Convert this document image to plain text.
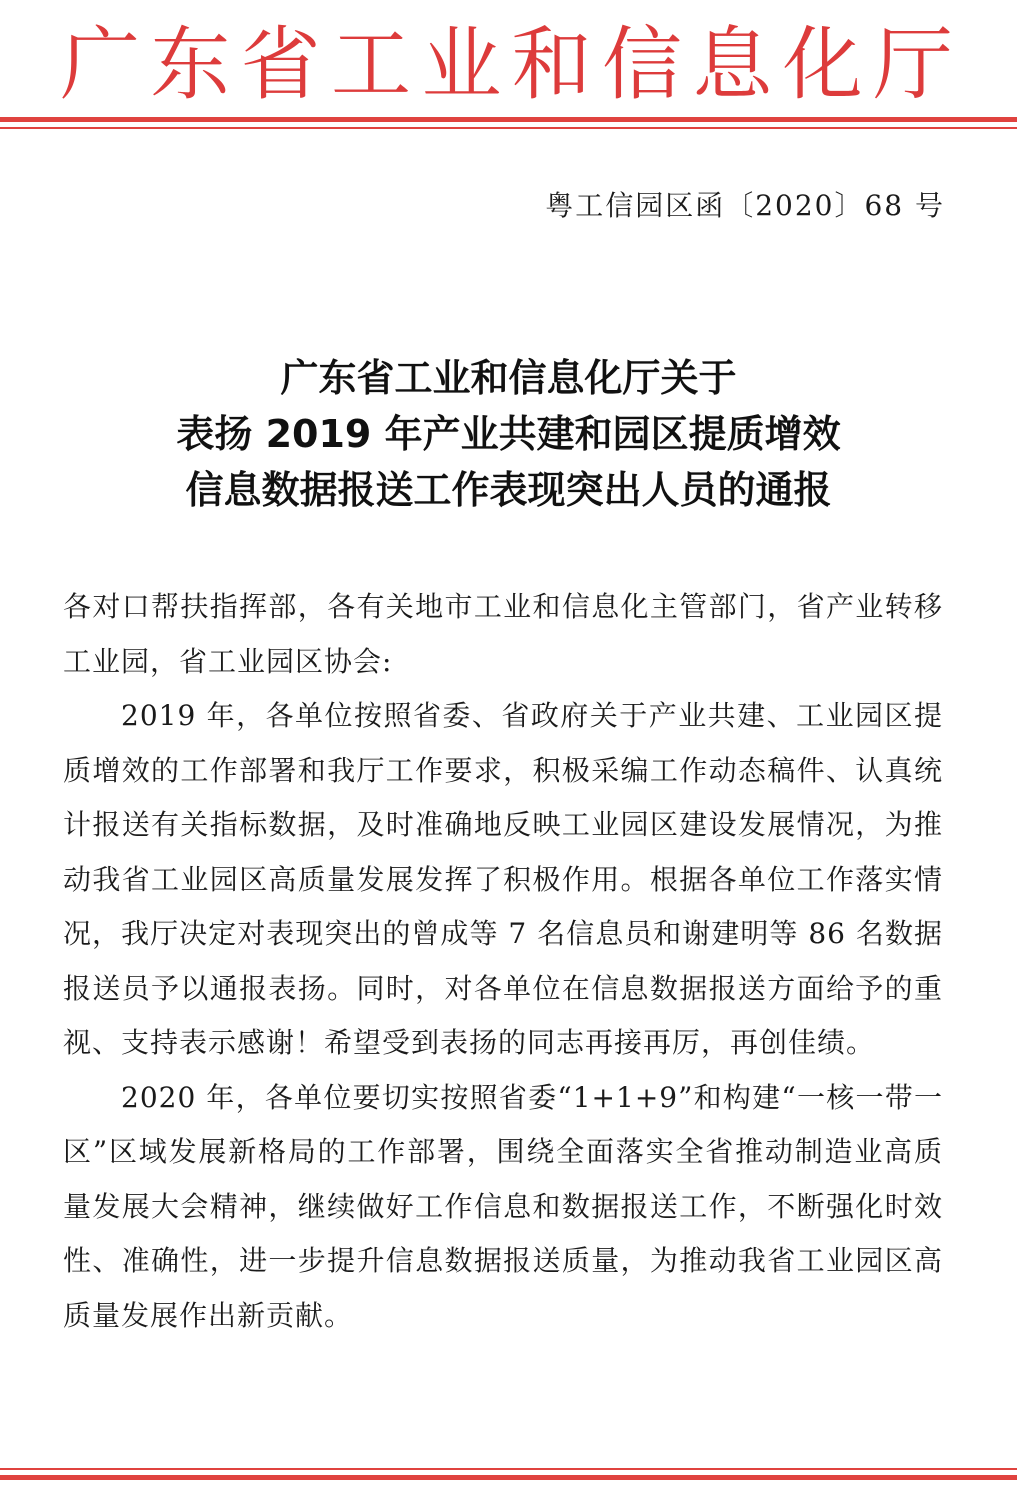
广东省工业和信息化厅
粤工信园区函〔2020〕68 号
广东省工业和信息化厅关于
表扬 2019 年产业共建和园区提质增效
信息数据报送工作表现突出人员的通报

各对口帮扶指挥部，各有关地市工业和信息化主管部门，省产业转移工业园，省工业园区协会:

2019 年，各单位按照省委、省政府关于产业共建、工业园区提质增效的工作部署和我厅工作要求，积极采编工作动态稿件、认真统计报送有关指标数据，及时准确地反映工业园区建设发展情况，为推动我省工业园区高质量发展发挥了积极作用。根据各单位工作落实情况，我厅决定对表现突出的曾成等 7 名信息员和谢建明等 86 名数据报送员予以通报表扬。同时，对各单位在信息数据报送方面给予的重视、支持表示感谢！希望受到表扬的同志再接再厉，再创佳绩。

2020 年，各单位要切实按照省委“1+1+9”和构建“一核一带一区”区域发展新格局的工作部署，围绕全面落实全省推动制造业高质量发展大会精神，继续做好工作信息和数据报送工作，不断强化时效性、准确性，进一步提升信息数据报送质量，为推动我省工业园区高质量发展作出新贡献。
